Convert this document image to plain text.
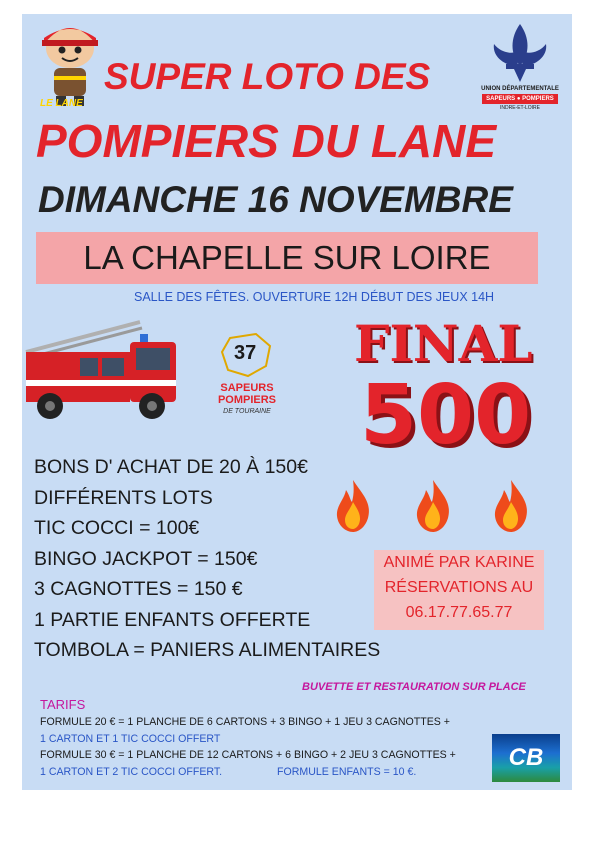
LE LANE
UNION DÉPARTEMENTALE
SAPEURS ● POMPIERS
INDRE-ET-LOIRE
SUPER LOTO DES
POMPIERS DU LANE
DIMANCHE 16 NOVEMBRE
LA CHAPELLE SUR LOIRE
SALLE DES FÊTES. OUVERTURE 12H DÉBUT DES JEUX 14H
37
SAPEURS
POMPIERS
DE TOURAINE
FINAL
500
BONS D' ACHAT DE 20 À 150€
DIFFÉRENTS LOTS
TIC COCCI = 100€
BINGO JACKPOT = 150€
3 CAGNOTTES = 150 €
1 PARTIE ENFANTS OFFERTE
TOMBOLA = PANIERS ALIMENTAIRES
ANIMÉ PAR KARINE
RÉSERVATIONS AU
06.17.77.65.77
BUVETTE ET RESTAURATION SUR PLACE
TARIFS
FORMULE 20 € = 1 PLANCHE DE 6 CARTONS + 3 BINGO + 1 JEU 3 CAGNOTTES +
1 CARTON ET 1 TIC COCCI OFFERT
FORMULE 30 € = 1 PLANCHE DE 12 CARTONS + 6 BINGO + 2 JEU 3 CAGNOTTES +
1 CARTON ET 2 TIC COCCI OFFERT.	FORMULE ENFANTS = 10 €.
CB
